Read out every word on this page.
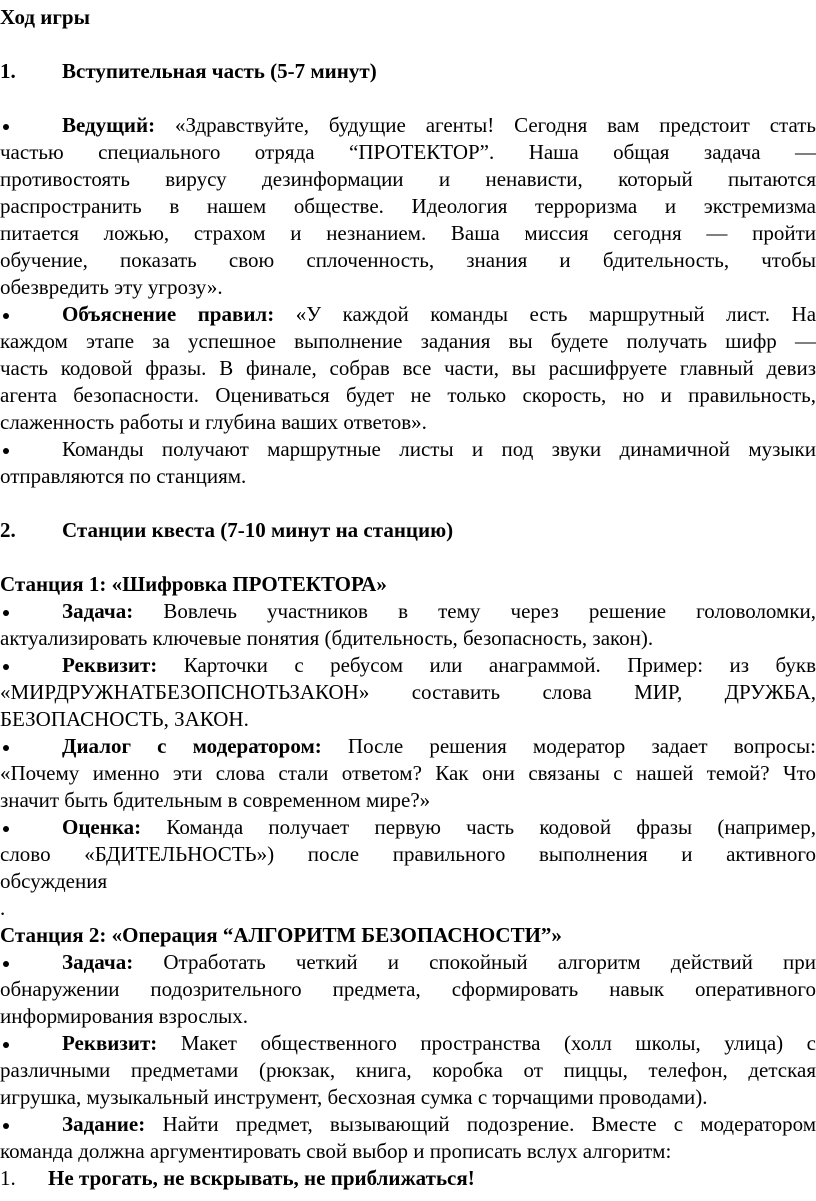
Ход игры
1. Вступительная часть (5-7 минут)
Ведущий: «Здравствуйте, будущие агенты! Сегодня вам предстоит стать
частью специального отряда “ПРОТЕКТОР”. Наша общая задача —
противостоять вирусу дезинформации и ненависти, который пытаются
распространить в нашем обществе. Идеология терроризма и экстремизма
питается ложью, страхом и незнанием. Ваша миссия сегодня — пройти
обучение, показать свою сплоченность, знания и бдительность, чтобы
обезвредить эту угрозу».
Объяснение правил: «У каждой команды есть маршрутный лист. На
каждом этапе за успешное выполнение задания вы будете получать шифр —
часть кодовой фразы. В финале, собрав все части, вы расшифруете главный девиз
агента безопасности. Оцениваться будет не только скорость, но и правильность,
слаженность работы и глубина ваших ответов».
Команды получают маршрутные листы и под звуки динамичной музыки
отправляются по станциям.
2. Станции квеста (7-10 минут на станцию)
Станция 1: «Шифровка ПРОТЕКТОРА»
Задача: Вовлечь участников в тему через решение головоломки,
актуализировать ключевые понятия (бдительность, безопасность, закон).
Реквизит: Карточки с ребусом или анаграммой. Пример: из букв
«МИРДРУЖНАТБЕЗОПСНОТЬЗАКОН» составить слова МИР, ДРУЖБА,
БЕЗОПАСНОСТЬ, ЗАКОН.
Диалог с модератором: После решения модератор задает вопросы:
«Почему именно эти слова стали ответом? Как они связаны с нашей темой? Что
значит быть бдительным в современном мире?»
Оценка: Команда получает первую часть кодовой фразы (например,
слово «БДИТЕЛЬНОСТЬ») после правильного выполнения и активного
обсуждения
.
Станция 2: «Операция “АЛГОРИТМ БЕЗОПАСНОСТИ”»
Задача: Отработать четкий и спокойный алгоритм действий при
обнаружении подозрительного предмета, сформировать навык оперативного
информирования взрослых.
Реквизит: Макет общественного пространства (холл школы, улица) с
различными предметами (рюкзак, книга, коробка от пиццы, телефон, детская
игрушка, музыкальный инструмент, бесхозная сумка с торчащими проводами).
Задание: Найти предмет, вызывающий подозрение. Вместе с модератором
команда должна аргументировать свой выбор и прописать вслух алгоритм:
1. Не трогать, не вскрывать, не приближаться!
